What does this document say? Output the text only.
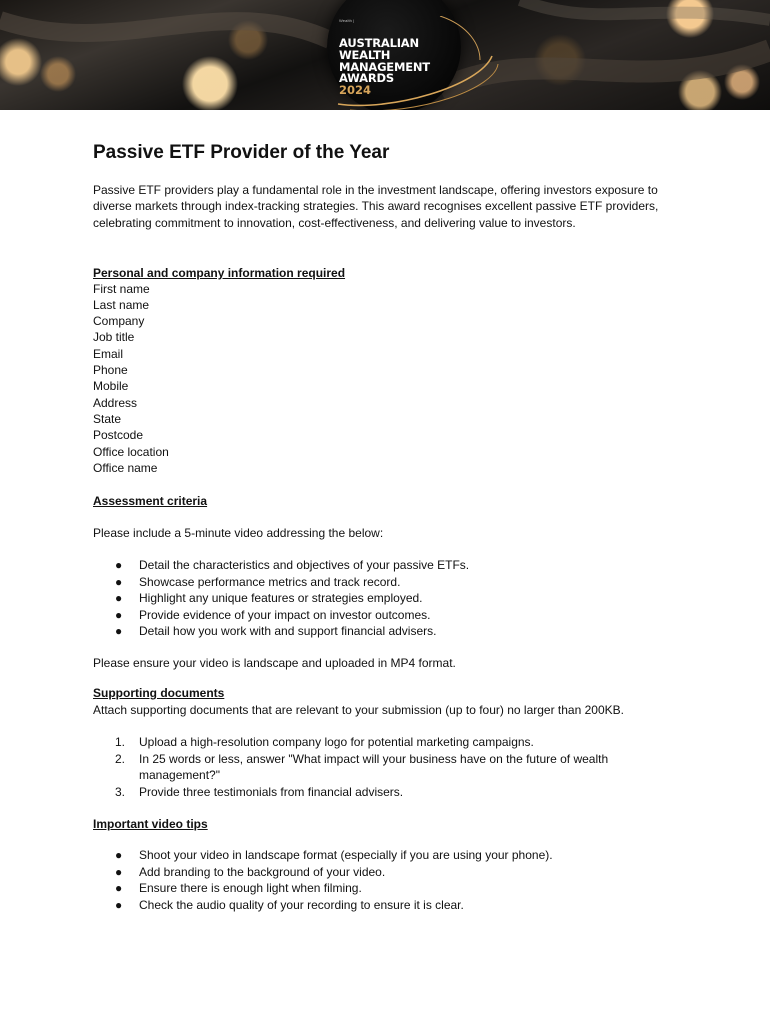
Wealth |
AUSTRALIAN
WEALTH
MANAGEMENT
AWARDS
2024
Passive ETF Provider of the Year
Passive ETF providers play a fundamental role in the investment landscape, offering investors exposure to diverse markets through index-tracking strategies. This award recognises excellent passive ETF providers, celebrating commitment to innovation, cost-effectiveness, and delivering value to investors.
Personal and company information required
First name
Last name
Company
Job title
Email
Phone
Mobile
Address
State
Postcode
Office location
Office name
Assessment criteria
Please include a 5-minute video addressing the below:
● Detail the characteristics and objectives of your passive ETFs.
● Showcase performance metrics and track record.
● Highlight any unique features or strategies employed.
● Provide evidence of your impact on investor outcomes.
● Detail how you work with and support financial advisers.
Please ensure your video is landscape and uploaded in MP4 format.
Supporting documents
Attach supporting documents that are relevant to your submission (up to four) no larger than 200KB.
1.	Upload a high-resolution company logo for potential marketing campaigns.
2.	In 25 words or less, answer "What impact will your business have on the future of wealth management?"
3.	Provide three testimonials from financial advisers.
Important video tips
● Shoot your video in landscape format (especially if you are using your phone).
● Add branding to the background of your video.
● Ensure there is enough light when filming.
● Check the audio quality of your recording to ensure it is clear.
